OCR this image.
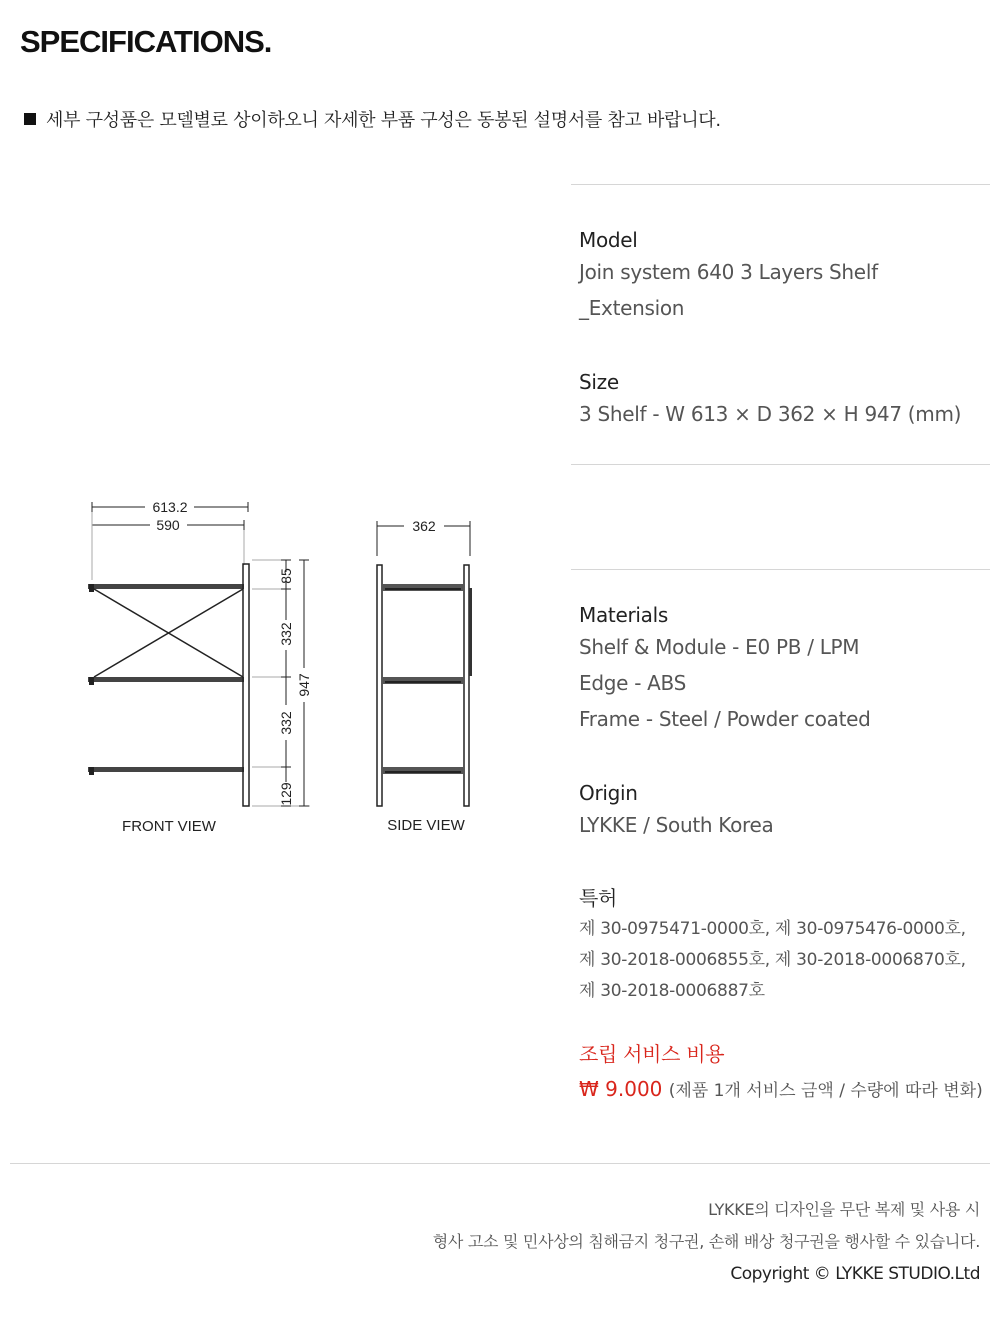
SPECIFICATIONS.
세부 구성품은 모델별로 상이하오니 자세한 부품 구성은 동봉된 설명서를 참고 바랍니다.
613.2
590
85
332
332
129
947
362
FRONT VIEW	SIDE VIEW
Model
Join system 640 3 Layers Shelf
_Extension
Size
3 Shelf - W 613 × D 362 × H 947 (mm)
Materials
Shelf & Module - E0 PB / LPM
Edge - ABS
Frame - Steel / Powder coated
Origin
LYKKE / South Korea
특허
제 30-0975471-0000호, 제 30-0975476-0000호,
제 30-2018-0006855호, 제 30-2018-0006870호,
제 30-2018-0006887호
조립 서비스 비용
₩ 9.000 (제품 1개 서비스 금액 / 수량에 따라 변화)
LYKKE의 디자인을 무단 복제 및 사용 시
형사 고소 및 민사상의 침해금지 청구권, 손해 배상 청구권을 행사할 수 있습니다.
Copyright © LYKKE STUDIO.Ltd
